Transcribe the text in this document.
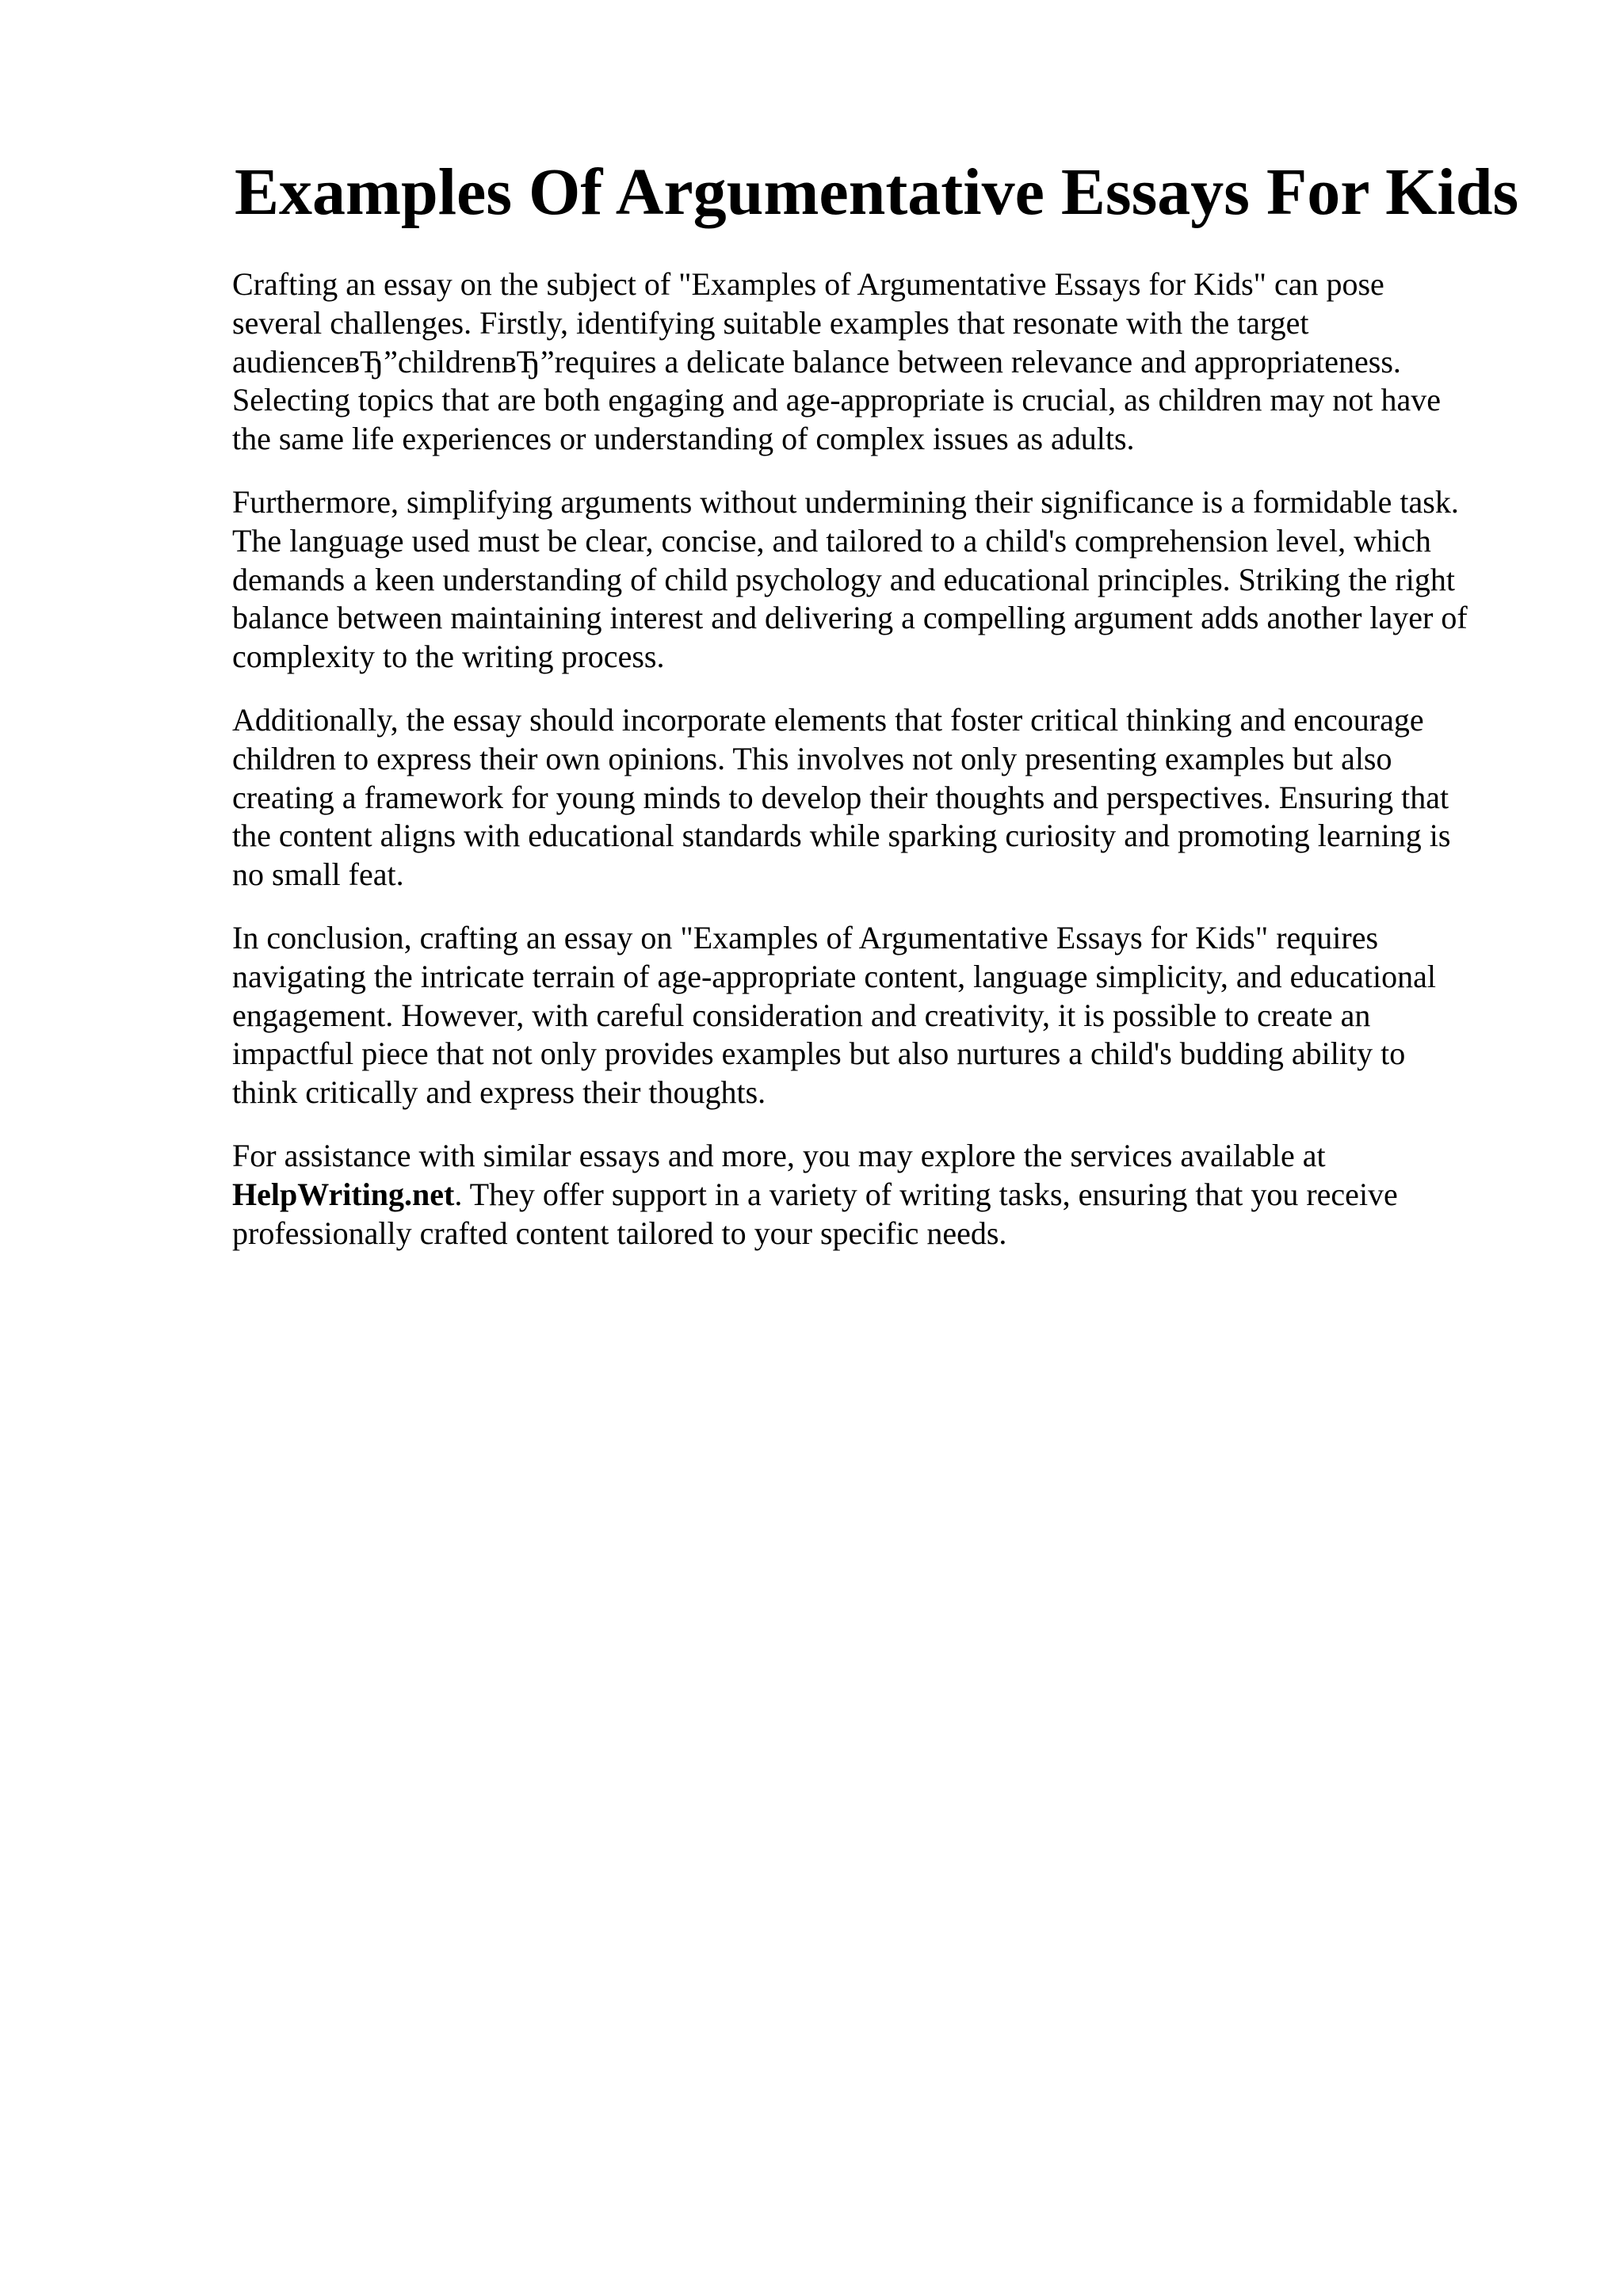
Examples Of Argumentative Essays For Kids

Crafting an essay on the subject of "Examples of Argumentative Essays for Kids" can pose
several challenges. Firstly, identifying suitable examples that resonate with the target
audienceвЂ”childrenвЂ”requires a delicate balance between relevance and appropriateness.
Selecting topics that are both engaging and age-appropriate is crucial, as children may not have
the same life experiences or understanding of complex issues as adults.

Furthermore, simplifying arguments without undermining their significance is a formidable task.
The language used must be clear, concise, and tailored to a child's comprehension level, which
demands a keen understanding of child psychology and educational principles. Striking the right
balance between maintaining interest and delivering a compelling argument adds another layer of
complexity to the writing process.

Additionally, the essay should incorporate elements that foster critical thinking and encourage
children to express their own opinions. This involves not only presenting examples but also
creating a framework for young minds to develop their thoughts and perspectives. Ensuring that
the content aligns with educational standards while sparking curiosity and promoting learning is
no small feat.

In conclusion, crafting an essay on "Examples of Argumentative Essays for Kids" requires
navigating the intricate terrain of age-appropriate content, language simplicity, and educational
engagement. However, with careful consideration and creativity, it is possible to create an
impactful piece that not only provides examples but also nurtures a child's budding ability to
think critically and express their thoughts.

For assistance with similar essays and more, you may explore the services available at
HelpWriting.net. They offer support in a variety of writing tasks, ensuring that you receive
professionally crafted content tailored to your specific needs.
